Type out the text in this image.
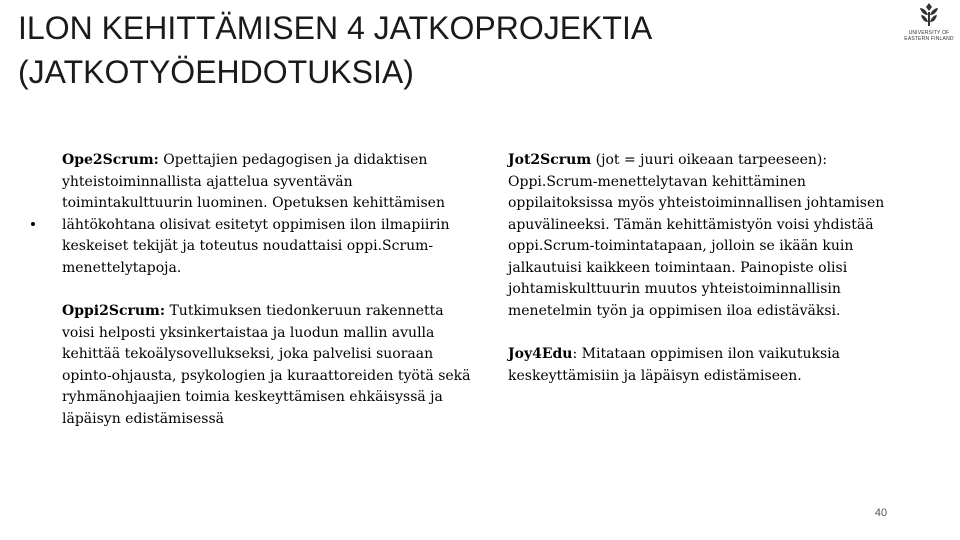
ILON KEHITTÄMISEN 4 JATKOPROJEKTIA
(JATKOTYÖEHDOTUKSIA)
UNIVERSITY OF
EASTERN FINLAND

Ope2Scrum: Opettajien pedagogisen ja didaktisen yhteistoiminnallista ajattelua syventävän toimintakulttuurin luominen. Opetuksen kehittämisen lähtökohtana olisivat esitetyt oppimisen ilon ilmapiirin keskeiset tekijät ja toteutus noudattaisi oppi.Scrum-menettelytapoja.

Oppi2Scrum: Tutkimuksen tiedonkeruun rakennetta voisi helposti yksinkertaistaa ja luodun mallin avulla kehittää tekoälysovellukseksi, joka palvelisi suoraan opinto-ohjausta, psykologien ja kuraattoreiden työtä sekä ryhmänohjaajien toimia keskeyttämisen ehkäisyssä ja läpäisyn edistämisessä

Jot2Scrum (jot = juuri oikeaan tarpeeseen): Oppi.Scrum-menettelytavan kehittäminen oppilaitoksissa myös yhteistoiminnallisen johtamisen apuvälineeksi. Tämän kehittämistyön voisi yhdistää oppi.Scrum-toimintatapaan, jolloin se ikään kuin jalkautuisi kaikkeen toimintaan. Painopiste olisi johtamiskulttuurin muutos yhteistoiminnallisin menetelmin työn ja oppimisen iloa edistäväksi.

Joy4Edu: Mitataan oppimisen ilon vaikutuksia keskeyttämisiin ja läpäisyn edistämiseen.

40
